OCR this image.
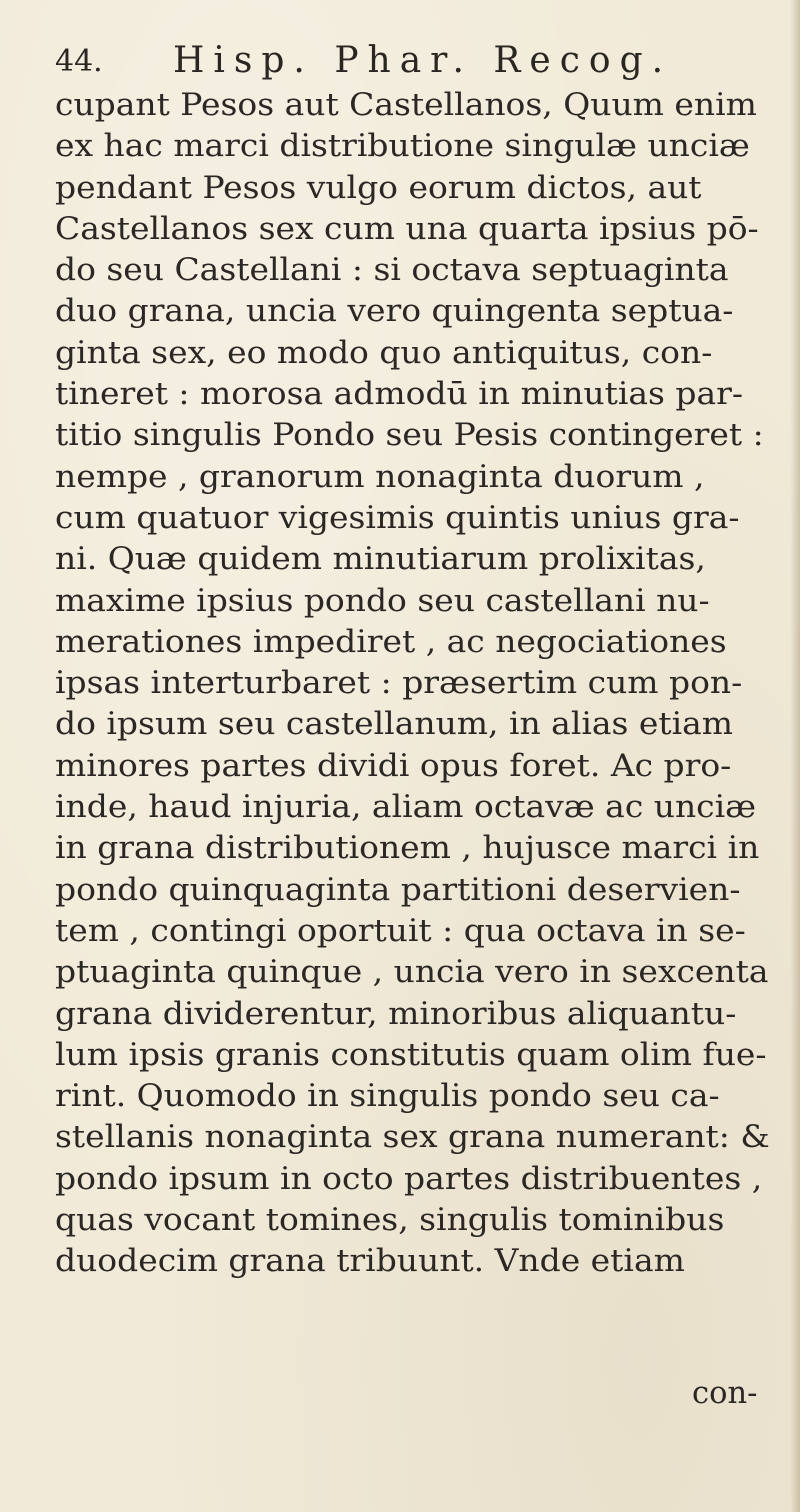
44. Hisp. Phar. Recog.
cupant Pesos aut Castellanos, Quum enim
ex hac marci distributione singulæ unciæ
pendant Pesos vulgo eorum dictos, aut
Castellanos sex cum una quarta ipsius pō-
do seu Castellani : si octava septuaginta
duo grana, uncia vero quingenta septua-
ginta sex, eo modo quo antiquitus, con-
tineret : morosa admodū in minutias par-
titio singulis Pondo seu Pesis contingeret :
nempe , granorum nonaginta duorum ,
cum quatuor vigesimis quintis unius gra-
ni. Quæ quidem minutiarum prolixitas,
maxime ipsius pondo seu castellani nu-
merationes impediret , ac negociationes
ipsas interturbaret : præsertim cum pon-
do ipsum seu castellanum, in alias etiam
minores partes dividi opus foret. Ac pro-
inde, haud injuria, aliam octavæ ac unciæ
in grana distributionem , hujusce marci in
pondo quinquaginta partitioni deservien-
tem , contingi oportuit : qua octava in se-
ptuaginta quinque , uncia vero in sexcenta
grana dividerentur, minoribus aliquantu-
lum ipsis granis constitutis quam olim fue-
rint. Quomodo in singulis pondo seu ca-
stellanis nonaginta sex grana numerant: &
pondo ipsum in octo partes distribuentes ,
quas vocant tomines, singulis tominibus
duodecim grana tribuunt. Vnde etiam
con-
